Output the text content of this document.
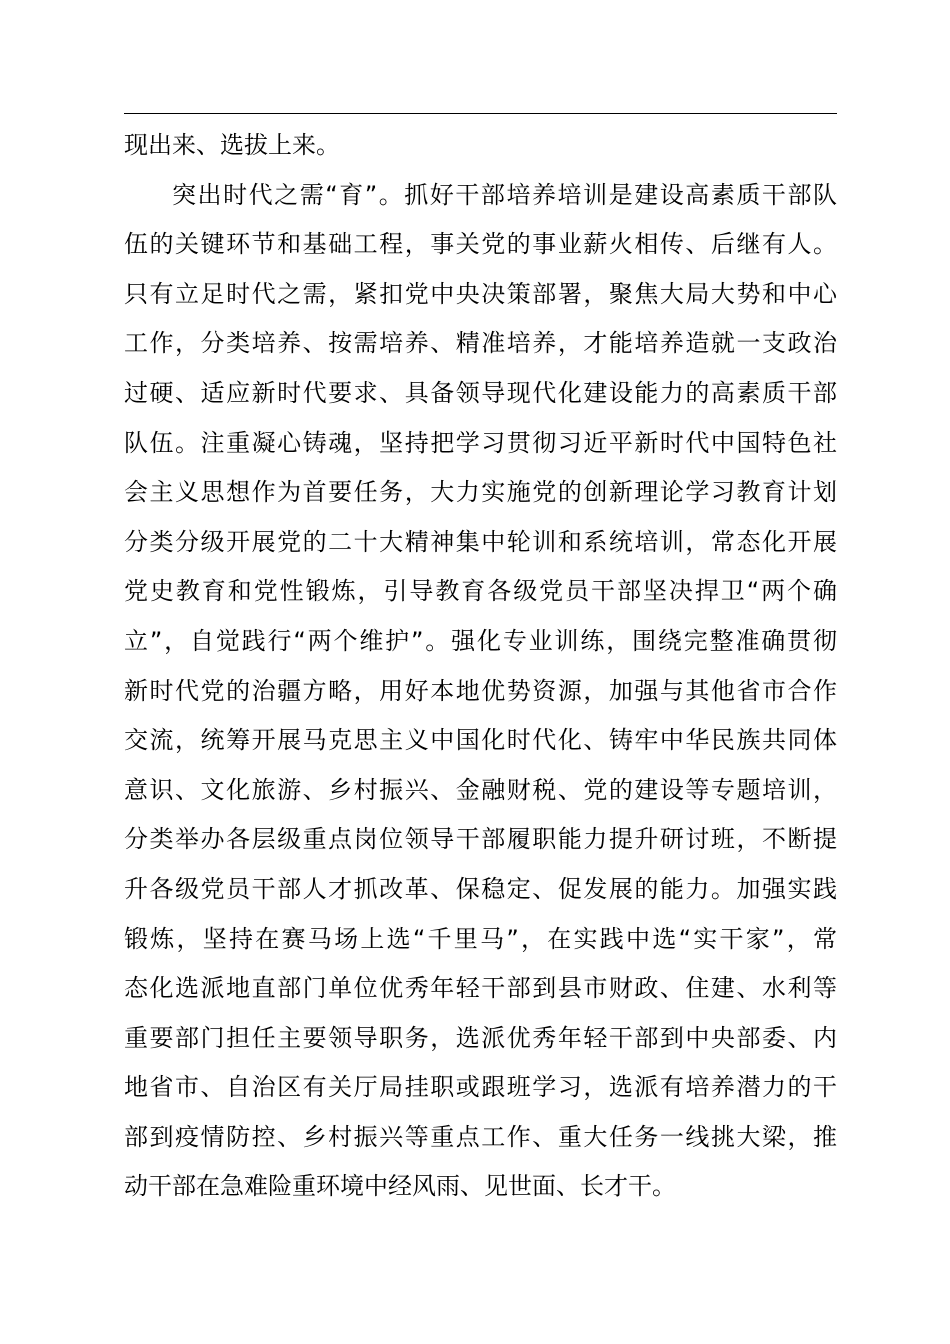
现出来、选拔上来。
突出时代之需“育”。抓好干部培养培训是建设高素质干部队
伍的关键环节和基础工程，事关党的事业薪火相传、后继有人。
只有立足时代之需，紧扣党中央决策部署，聚焦大局大势和中心
工作，分类培养、按需培养、精准培养，才能培养造就一支政治
过硬、适应新时代要求、具备领导现代化建设能力的高素质干部
队伍。注重凝心铸魂，坚持把学习贯彻习近平新时代中国特色社
会主义思想作为首要任务，大力实施党的创新理论学习教育计划
分类分级开展党的二十大精神集中轮训和系统培训，常态化开展
党史教育和党性锻炼，引导教育各级党员干部坚决捍卫“两个确
立”，自觉践行“两个维护”。强化专业训练，围绕完整准确贯彻
新时代党的治疆方略，用好本地优势资源，加强与其他省市合作
交流，统筹开展马克思主义中国化时代化、铸牢中华民族共同体
意识、文化旅游、乡村振兴、金融财税、党的建设等专题培训，
分类举办各层级重点岗位领导干部履职能力提升研讨班，不断提
升各级党员干部人才抓改革、保稳定、促发展的能力。加强实践
锻炼，坚持在赛马场上选“千里马”，在实践中选“实干家”，常
态化选派地直部门单位优秀年轻干部到县市财政、住建、水利等
重要部门担任主要领导职务，选派优秀年轻干部到中央部委、内
地省市、自治区有关厅局挂职或跟班学习，选派有培养潜力的干
部到疫情防控、乡村振兴等重点工作、重大任务一线挑大梁，推
动干部在急难险重环境中经风雨、见世面、长才干。
